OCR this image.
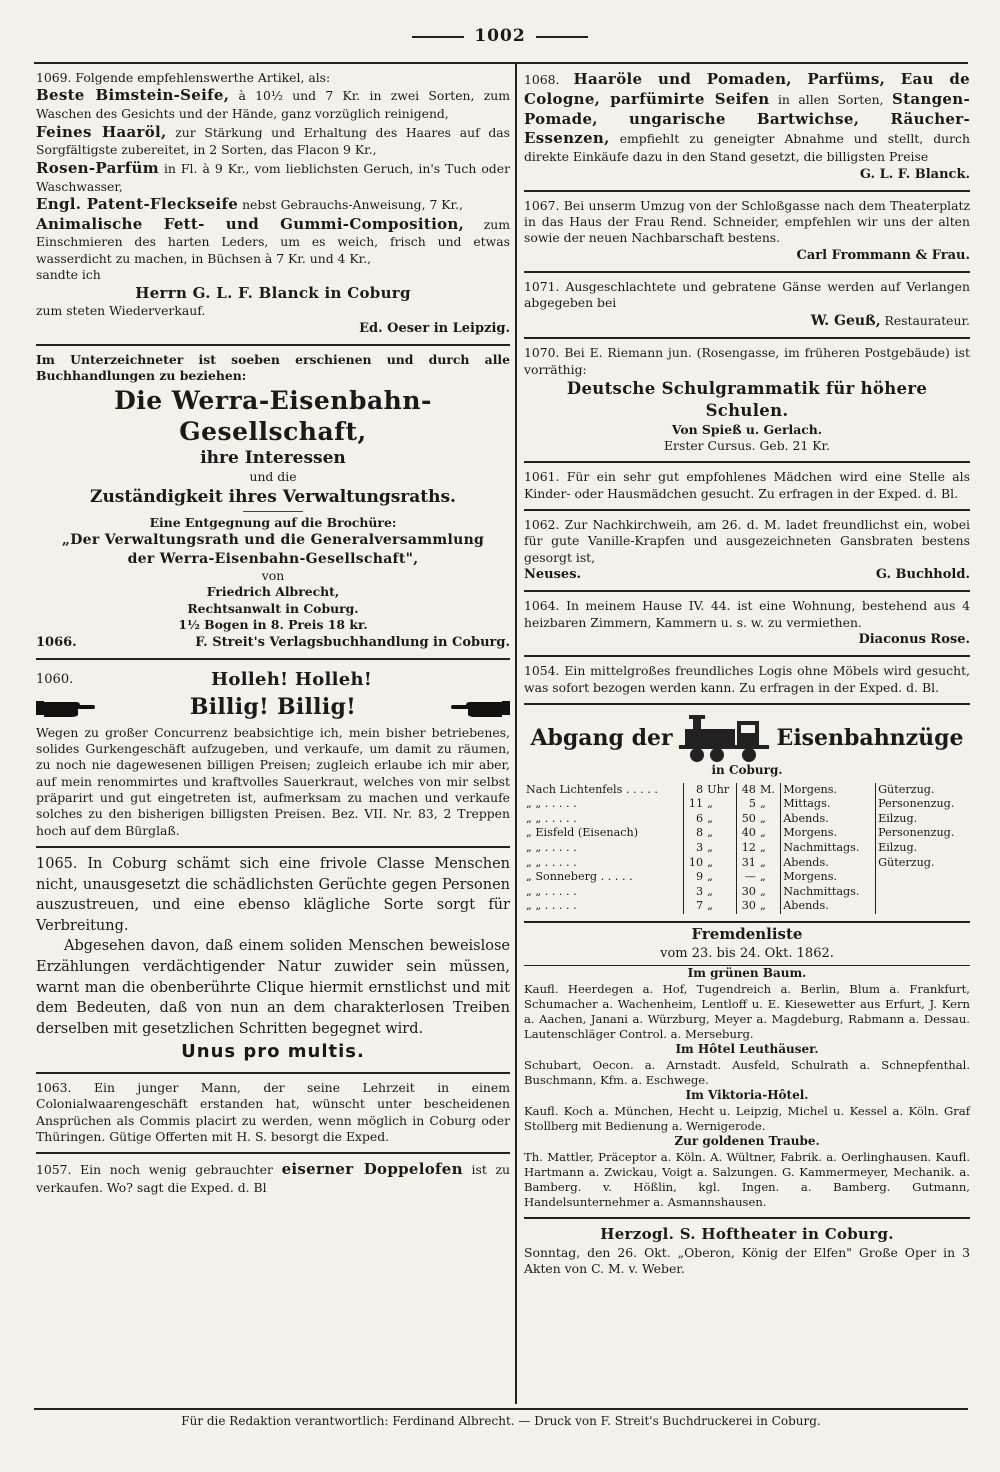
1002

1069. Folgende empfehlenswerthe Artikel, als:

Beste Bimstein-Seife, à 10½ und 7 Kr. in zwei Sorten, zum Waschen des Gesichts und der Hände, ganz vorzüglich reinigend,

Feines Haaröl, zur Stärkung und Erhaltung des Haares auf das Sorgfältigste zubereitet, in 2 Sorten, das Flacon 9 Kr.,

Rosen-Parfüm in Fl. à 9 Kr., vom lieblichsten Geruch, in's Tuch oder Waschwasser,

Engl. Patent-Fleckseife nebst Gebrauchs-Anweisung, 7 Kr.,

Animalische Fett- und Gummi-Composition, zum Einschmieren des harten Leders, um es weich, frisch und etwas wasserdicht zu machen, in Büchsen à 7 Kr. und 4 Kr.,

sandte ich

Herrn G. L. F. Blanck in Coburg

zum steten Wiederverkauf.

Ed. Oeser in Leipzig.

Im Unterzeichneter ist soeben erschienen und durch alle Buchhandlungen zu beziehen:

Die Werra-Eisenbahn-Gesellschaft,

ihre Interessen

und die

Zuständigkeit ihres Verwaltungsraths.

Eine Entgegnung auf die Brochüre:

„Der Verwaltungsrath und die Generalversammlung

der Werra-Eisenbahn-Gesellschaft",

von

Friedrich Albrecht,

Rechtsanwalt in Coburg.

1½ Bogen in 8. Preis 18 kr.

1066.	F. Streit's Verlagsbuchhandlung in Coburg.
1060.	Holleh! Holleh!
Billig! Billig!

Wegen zu großer Concurrenz beabsichtige ich, mein bisher betriebenes, solides Gurkengeschäft aufzugeben, und verkaufe, um damit zu räumen, zu noch nie dagewesenen billigen Preisen; zugleich erlaube ich mir aber, auf mein renommirtes und kraftvolles Sauerkraut, welches von mir selbst präparirt und gut eingetreten ist, aufmerksam zu machen und verkaufe solches zu den bisherigen billigsten Preisen. Bez. VII. Nr. 83, 2 Treppen hoch auf dem Bürglaß.

1065. In Coburg schämt sich eine frivole Classe Menschen nicht, unausgesetzt die schädlichsten Gerüchte gegen Personen auszustreuen, und eine ebenso klägliche Sorte sorgt für Verbreitung.

Abgesehen davon, daß einem soliden Menschen beweislose Erzählungen verdächtigender Natur zuwider sein müssen, warnt man die obenberührte Clique hiermit ernstlichst und mit dem Bedeuten, daß von nun an dem charakterlosen Treiben derselben mit gesetzlichen Schritten begegnet wird.

Unus pro multis.

1063. Ein junger Mann, der seine Lehrzeit in einem Colonialwaarengeschäft erstanden hat, wünscht unter bescheidenen Ansprüchen als Commis placirt zu werden, wenn möglich in Coburg oder Thüringen. Gütige Offerten mit H. S. besorgt die Exped.

1057. Ein noch wenig gebrauchter eiserner Doppelofen ist zu verkaufen. Wo? sagt die Exped. d. Bl

1068. Haaröle und Pomaden, Parfüms, Eau de Cologne, parfümirte Seifen in allen Sorten, Stangen-Pomade, ungarische Bartwichse, Räucher-Essenzen, empfiehlt zu geneigter Abnahme und stellt, durch direkte Einkäufe dazu in den Stand gesetzt, die billigsten Preise

G. L. F. Blanck.

1067. Bei unserm Umzug von der Schloßgasse nach dem Theaterplatz in das Haus der Frau Rend. Schneider, empfehlen wir uns der alten sowie der neuen Nachbarschaft bestens.

Carl Frommann & Frau.

1071. Ausgeschlachtete und gebratene Gänse werden auf Verlangen abgegeben bei

W. Geuß, Restaurateur.

1070. Bei E. Riemann jun. (Rosengasse, im früheren Postgebäude) ist vorräthig:

Deutsche Schulgrammatik für höhere Schulen.

Von Spieß u. Gerlach.

Erster Cursus. Geb. 21 Kr.

1061. Für ein sehr gut empfohlenes Mädchen wird eine Stelle als Kinder- oder Hausmädchen gesucht. Zu erfragen in der Exped. d. Bl.

1062. Zur Nachkirchweih, am 26. d. M. ladet freundlichst ein, wobei für gute Vanille-Krapfen und ausgezeichneten Gansbraten bestens gesorgt ist,

Neuses.	G. Buchhold.

1064. In meinem Hause IV. 44. ist eine Wohnung, bestehend aus 4 heizbaren Zimmern, Kammern u. s. w. zu vermiethen.

Diaconus Rose.

1054. Ein mittelgroßes freundliches Logis ohne Möbels wird gesucht, was sofort bezogen werden kann. Zu erfragen in der Exped. d. Bl.

Abgang der	Eisenbahnzüge

in Coburg.

Nach Lichtenfels . . . . .	8	Uhr	48	M.	Morgens.	Güterzug.
„ „ . . . . .	11	„	5	„	Mittags.	Personenzug.
„ „ . . . . .	6	„	50	„	Abends.	Eilzug.
„ Eisfeld (Eisenach)	8	„	40	„	Morgens.	Personenzug.
„ „ . . . . .	3	„	12	„	Nachmittags.	Eilzug.
„ „ . . . . .	10	„	31	„	Abends.	Güterzug.
„ Sonneberg . . . . .	9	„	—	„	Morgens.	
„ „ . . . . .	3	„	30	„	Nachmittags.	
„ „ . . . . .	7	„	30	„	Abends.	

Fremdenliste

vom 23. bis 24. Okt. 1862.

Im grünen Baum.

Kaufl. Heerdegen a. Hof, Tugendreich a. Berlin, Blum a. Frankfurt, Schumacher a. Wachenheim, Lentloff u. E. Kiesewetter aus Erfurt, J. Kern a. Aachen, Janani a. Würzburg, Meyer a. Magdeburg, Rabmann a. Dessau. Lautenschläger Control. a. Merseburg.

Im Hôtel Leuthäuser.

Schubart, Oecon. a. Arnstadt. Ausfeld, Schulrath a. Schnepfenthal. Buschmann, Kfm. a. Eschwege.

Im Viktoria-Hôtel.

Kaufl. Koch a. München, Hecht u. Leipzig, Michel u. Kessel a. Köln. Graf Stollberg mit Bedienung a. Wernigerode.

Zur goldenen Traube.

Th. Mattler, Präceptor a. Köln. A. Wültner, Fabrik. a. Oerlinghausen. Kaufl. Hartmann a. Zwickau, Voigt a. Salzungen. G. Kammermeyer, Mechanik. a. Bamberg. v. Hößlin, kgl. Ingen. a. Bamberg. Gutmann, Handelsunternehmer a. Asmannshausen.

Herzogl. S. Hoftheater in Coburg.

Sonntag, den 26. Okt. „Oberon, König der Elfen" Große Oper in 3 Akten von C. M. v. Weber.

Für die Redaktion verantwortlich: Ferdinand Albrecht. — Druck von F. Streit's Buchdruckerei in Coburg.
